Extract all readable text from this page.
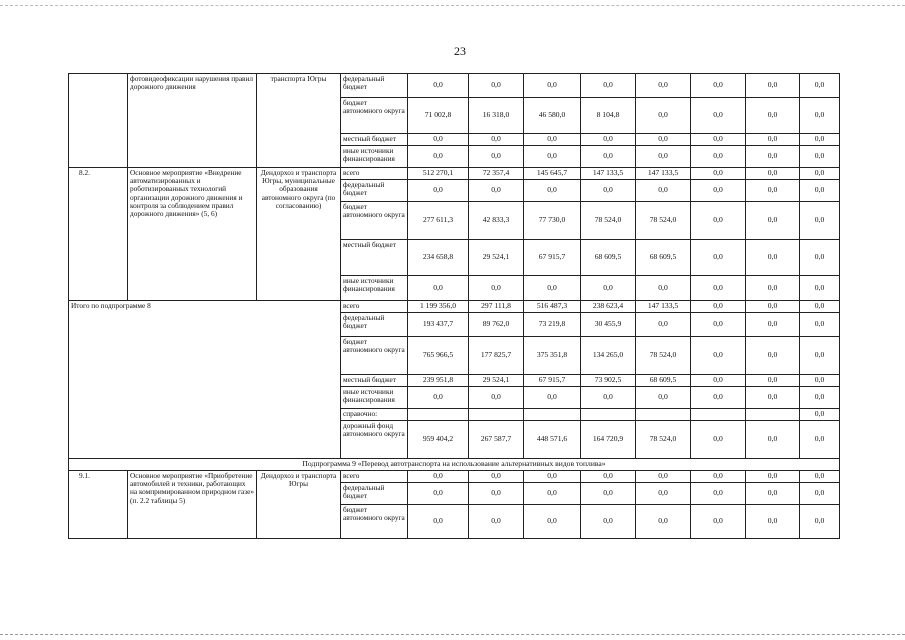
23
	фотовидеофиксации нарушения правил дорожного движения	транспорта Югры	федеральный бюджет	0,0	0,0	0,0	0,0	0,0	0,0	0,0	0,0
			бюджет автономного округа	71 002,8	16 318,0	46 580,0	8 104,8	0,0	0,0	0,0	0,0
			местный бюджет	0,0	0,0	0,0	0,0	0,0	0,0	0,0	0,0
			иные источники финансирования	0,0	0,0	0,0	0,0	0,0	0,0	0,0	0,0
8.2.	Основное мероприятие «Внедрение автоматизированных и роботизированных технологий организации дорожного движения и контроля за соблюдением правил дорожного движения» (5, 6)	Дендорхоз и транспорта Югры, муниципальные образования автономного округа (по согласованию)	всего	512 270,1	72 357,4	145 645,7	147 133,5	147 133,5	0,0	0,0	0,0
			федеральный бюджет	0,0	0,0	0,0	0,0	0,0	0,0	0,0	0,0
			бюджет автономного округа	277 611,3	42 833,3	77 730,0	78 524,0	78 524,0	0,0	0,0	0,0
			местный бюджет	234 658,8	29 524,1	67 915,7	68 609,5	68 609,5	0,0	0,0	0,0
			иные источники финансирования	0,0	0,0	0,0	0,0	0,0	0,0	0,0	0,0
Итого по подпрограмме 8			всего	1 199 356,0	297 111,8	516 487,3	238 623,4	147 133,5	0,0	0,0	0,0
			федеральный бюджет	193 437,7	89 762,0	73 219,8	30 455,9	0,0	0,0	0,0	0,0
			бюджет автономного округа	765 966,5	177 825,7	375 351,8	134 265,0	78 524,0	0,0	0,0	0,0
			местный бюджет	239 951,8	29 524,1	67 915,7	73 902,5	68 609,5	0,0	0,0	0,0
			иные источники финансирования	0,0	0,0	0,0	0,0	0,0	0,0	0,0	0,0
			справочно:								0,0
			дорожный фонд автономного округа	959 404,2	267 587,7	448 571,6	164 720,9	78 524,0	0,0	0,0	0,0
Подпрограмма 9 «Перевод автотранспорта на использование альтернативных видов топлива»											
9.1.	Основное мероприятие «Приобретение автомобилей и техники, работающих на компримированном природном газе» (п. 2.2 таблицы 5)	Дендорхоз и транспорта Югры	всего	0,0	0,0	0,0	0,0	0,0	0,0	0,0	0,0
			федеральный бюджет	0,0	0,0	0,0	0,0	0,0	0,0	0,0	0,0
			бюджет автономного округа	0,0	0,0	0,0	0,0	0,0	0,0	0,0	0,0
